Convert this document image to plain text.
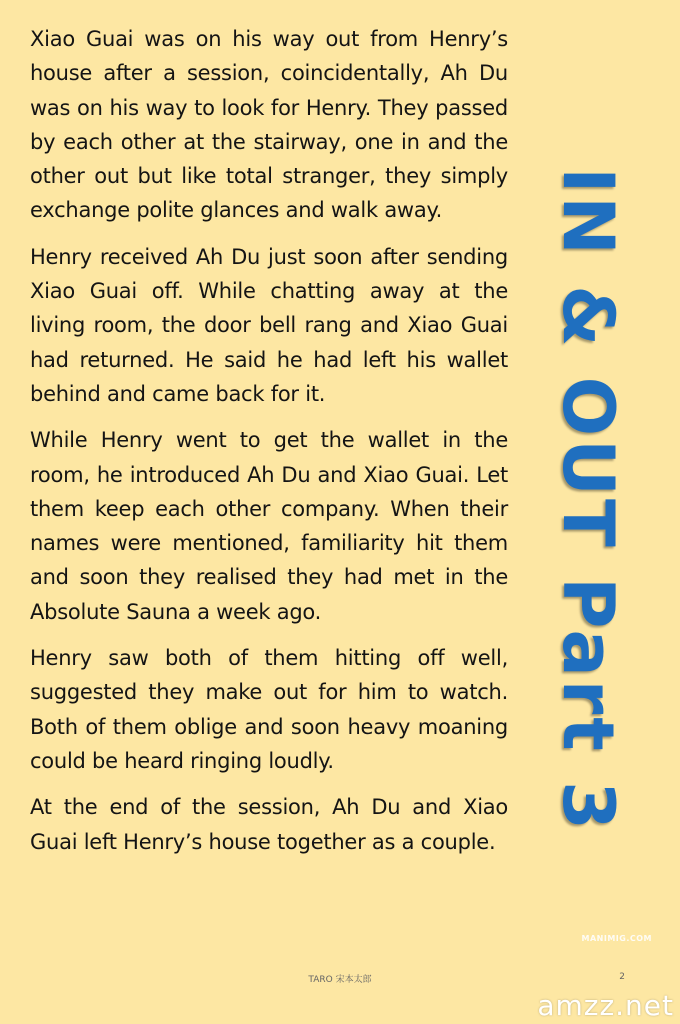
Xiao Guai was on his way out from Henry’s house after a session, coincidentally, Ah Du was on his way to look for Henry. They passed by each other at the stairway, one in and the other out but like total stranger, they simply exchange polite glances and walk away.

Henry received Ah Du just soon after sending Xiao Guai off. While chatting away at the living room, the door bell rang and Xiao Guai had returned. He said he had left his wallet behind and came back for it.

While Henry went to get the wallet in the room, he introduced Ah Du and Xiao Guai. Let them keep each other company. When their names were mentioned, familiarity hit them and soon they realised they had met in the Absolute Sauna a week ago.

Henry saw both of them hitting off well, suggested they make out for him to watch. Both of them oblige and soon heavy moaning could be heard ringing loudly.

At the end of the session, Ah Du and Xiao Guai left Henry’s house together as a couple.

IN & OUT Part 3
MANIMIG.COM
TARO 宋本太郎	2
amzz.net
